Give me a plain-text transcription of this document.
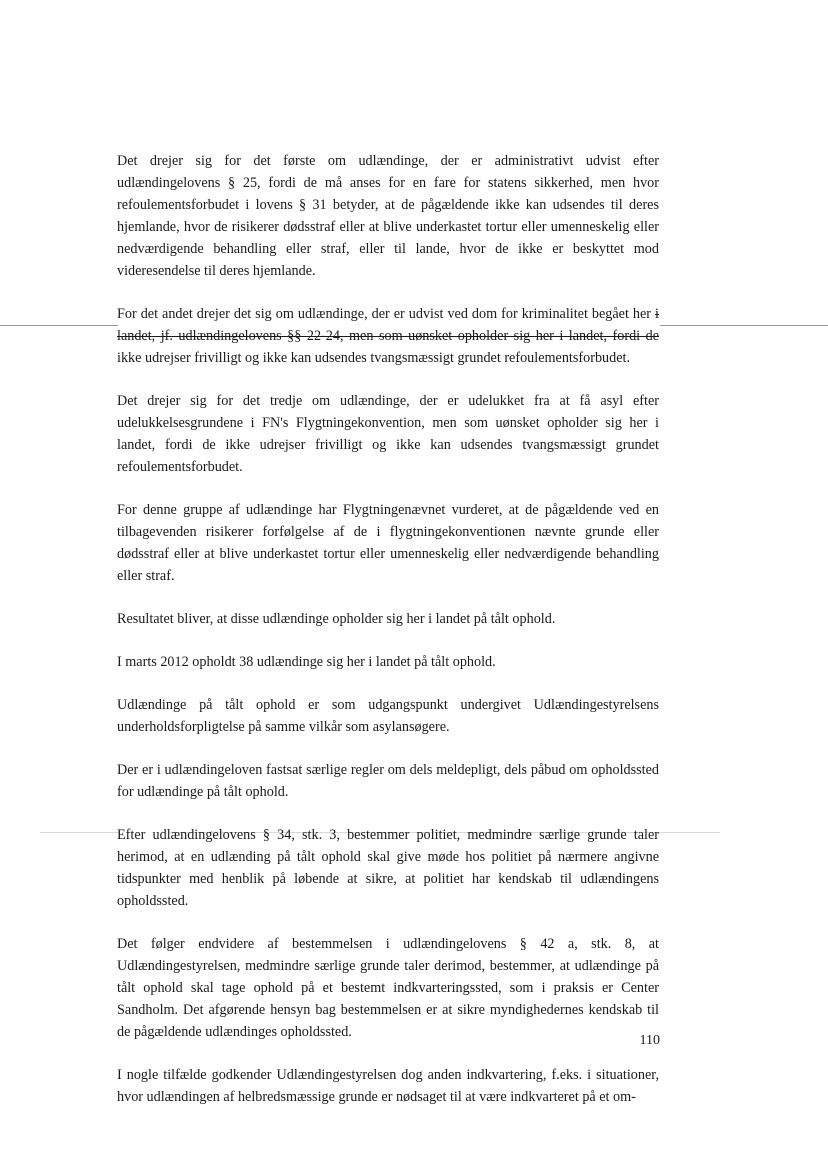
Det drejer sig for det første om udlændinge, der er administrativt udvist efter udlændingelovens § 25, fordi de må anses for en fare for statens sikkerhed, men hvor refoulementsforbudet i lovens § 31 betyder, at de pågældende ikke kan udsendes til deres hjemlande, hvor de risikerer dødsstraf eller at blive underkastet tortur eller umenneskelig eller nedværdigende behandling eller straf, eller til lande, hvor de ikke er beskyttet mod videresendelse til deres hjemlande.

For det andet drejer det sig om udlændinge, der er udvist ved dom for kriminalitet begået her i landet, jf. udlændingelovens §§ 22-24, men som uønsket opholder sig her i landet, fordi de ikke udrejser frivilligt og ikke kan udsendes tvangsmæssigt grundet refoulementsforbudet.

Det drejer sig for det tredje om udlændinge, der er udelukket fra at få asyl efter udelukkelsesgrundene i FN's Flygtningekonvention, men som uønsket opholder sig her i landet, fordi de ikke udrejser frivilligt og ikke kan udsendes tvangsmæssigt grundet refoulementsforbudet.

For denne gruppe af udlændinge har Flygtningenævnet vurderet, at de pågældende ved en tilbagevenden risikerer forfølgelse af de i flygtningekonventionen nævnte grunde eller dødsstraf eller at blive underkastet tortur eller umenneskelig eller nedværdigende behandling eller straf.

Resultatet bliver, at disse udlændinge opholder sig her i landet på tålt ophold.

I marts 2012 opholdt 38 udlændinge sig her i landet på tålt ophold.

Udlændinge på tålt ophold er som udgangspunkt undergivet Udlændingestyrelsens underholdsforpligtelse på samme vilkår som asylansøgere.

Der er i udlændingeloven fastsat særlige regler om dels meldepligt, dels påbud om opholdssted for udlændinge på tålt ophold.

Efter udlændingelovens § 34, stk. 3, bestemmer politiet, medmindre særlige grunde taler herimod, at en udlænding på tålt ophold skal give møde hos politiet på nærmere angivne tidspunkter med henblik på løbende at sikre, at politiet har kendskab til udlændingens opholdssted.

Det følger endvidere af bestemmelsen i udlændingelovens § 42 a, stk. 8, at Udlændingestyrelsen, medmindre særlige grunde taler derimod, bestemmer, at udlændinge på tålt ophold skal tage ophold på et bestemt indkvarteringssted, som i praksis er Center Sandholm. Det afgørende hensyn bag bestemmelsen er at sikre myndighedernes kendskab til de pågældende udlændinges opholdssted.

I nogle tilfælde godkender Udlændingestyrelsen dog anden indkvartering, f.eks. i situationer, hvor udlændingen af helbredsmæssige grunde er nødsaget til at være indkvarteret på et om-

110
